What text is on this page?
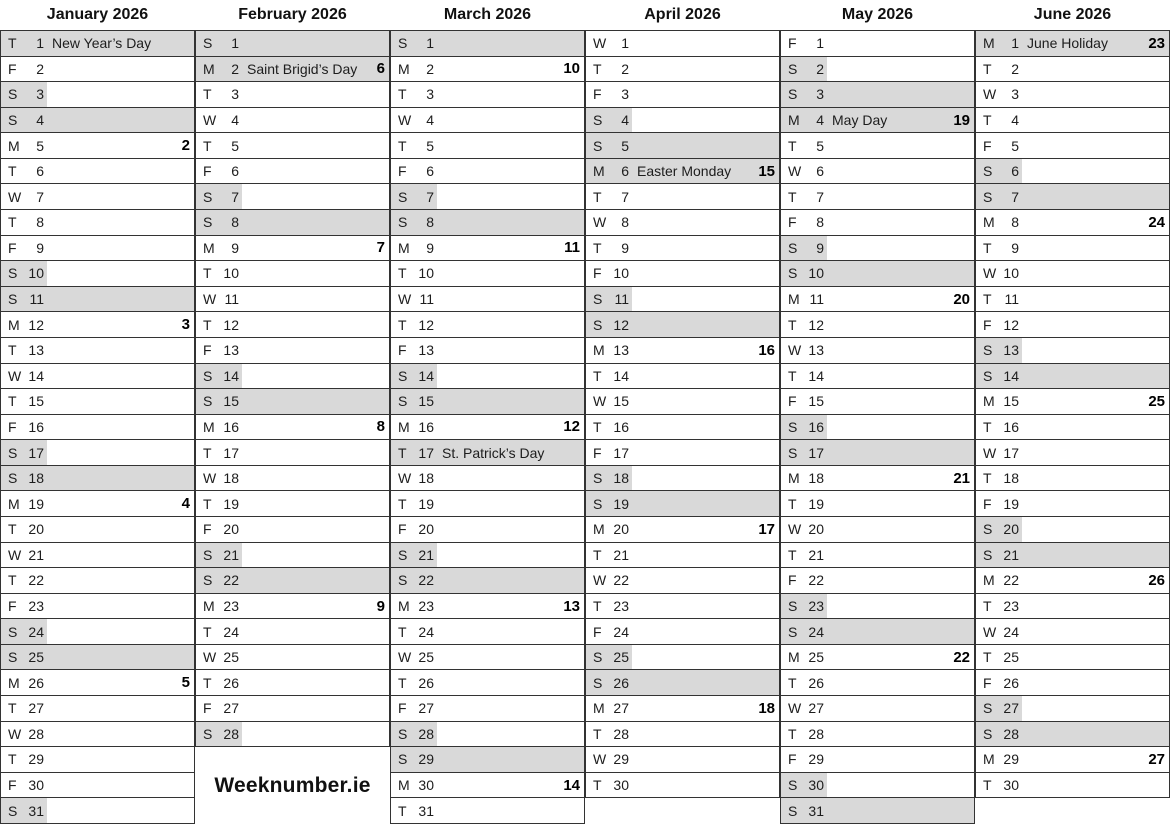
January 2026
T	1 New Year’s Day
F	2
S	3
S	4
M	5	2
T	6
W	7
T	8
F	9
S 10
S 11
M 12	3
T 13
W 14
T 15
F 16
S 17
S 18
M 19	4
T 20
W 21
T 22
F 23
S 24
S 25
M 26	5
T 27
W 28
T 29
F 30
S 31
February 2026
S	1
M	2 Saint Brigid’s Day 6
T	3
W	4
T	5
F	6
S	7
S	8
M	9	7
T 10
W 11
T 12
F 13
S 14
S 15
M 16	8
T 17
W 18
T 19
F 20
S 21
S 22
M 23	9
T 24
W 25
T 26
F 27
S 28
Weeknumber.ie
March 2026
S	1
M	2	10
T	3
W	4
T	5
F	6
S	7
S	8
M	9	11
T 10
W 11
T 12
F 13
S 14
S 15
M 16	12
T 17 St. Patrick’s Day
W 18
T 19
F 20
S 21
S 22
M 23	13
T 24
W 25
T 26
F 27
S 28
S 29
M 30	14
T 31
April 2026
W	1
T	2
F	3
S	4
S	5
M	6 Easter Monday 15
T	7
W	8
T	9
F 10
S 11
S 12
M 13	16
T 14
W 15
T 16
F 17
S 18
S 19
M 20	17
T 21
W 22
T 23
F 24
S 25
S 26
M 27	18
T 28
W 29
T 30
May 2026
F	1
S	2
S	3
M	4 May Day	19
T	5
W	6
T	7
F	8
S	9
S 10
M 11	20
T 12
W 13
T 14
F 15
S 16
S 17
M 18	21
T 19
W 20
T 21
F 22
S 23
S 24
M 25	22
T 26
W 27
T 28
F 29
S 30
S 31
June 2026
M	1 June Holiday	23
T	2
W	3
T	4
F	5
S	6
S	7
M	8	24
T	9
W 10
T 11
F 12
S 13
S 14
M 15	25
T 16
W 17
T 18
F 19
S 20
S 21
M 22	26
T 23
W 24
T 25
F 26
S 27
S 28
M 29	27
T 30
